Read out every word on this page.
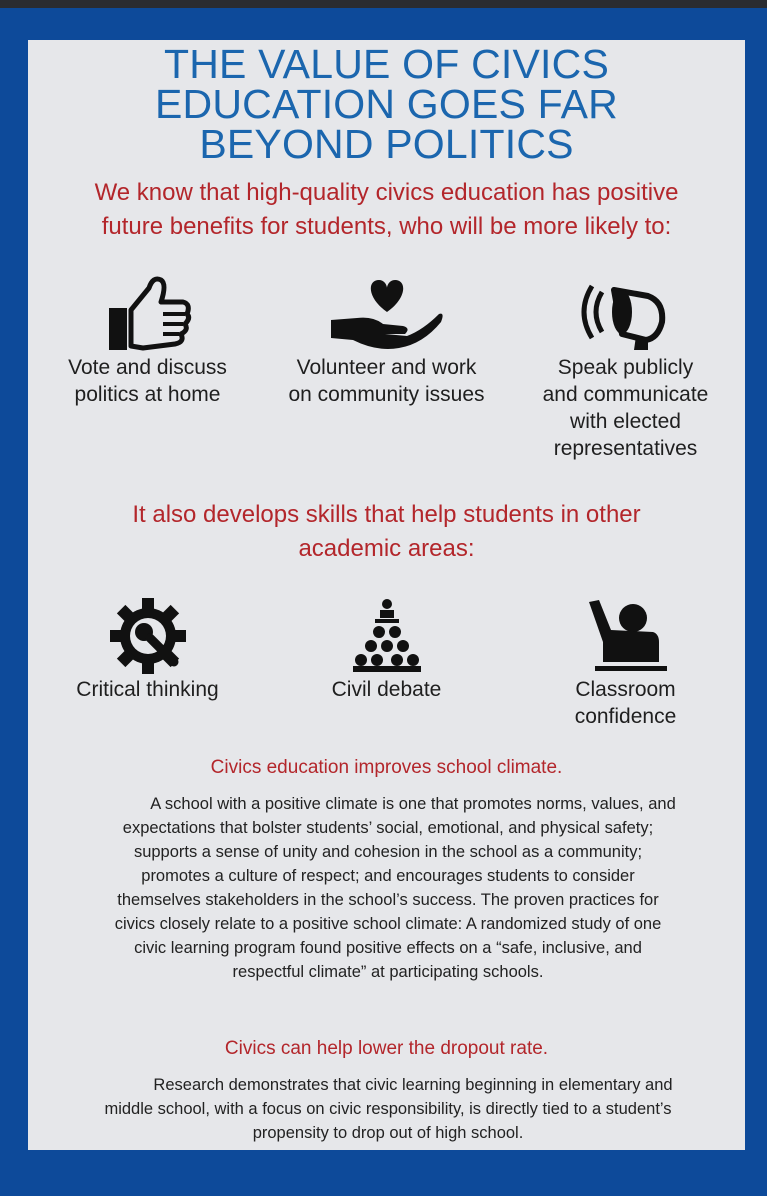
THE VALUE OF CIVICS
EDUCATION GOES FAR
BEYOND POLITICS

We know that high-quality civics education has positive
future benefits for students, who will be more likely to:

Vote and discuss
politics at home
Volunteer and work
on community issues
Speak publicly
and communicate
with elected
representatives
It also develops skills that help students in other
academic areas:
Critical thinking	Civil debate	Classroom
confidence
Civics education improves school climate.
A school with a positive climate is one that promotes norms, values, and expectations that bolster students’ social, emotional, and physical safety; supports a sense of unity and cohesion in the school as a community; promotes a culture of respect; and encourages students to consider themselves stakeholders in the school’s success. The proven practices for civics closely relate to a positive school climate: A randomized study of one civic learning program found positive effects on a “safe, inclusive, and respectful climate” at participating schools.
Civics can help lower the dropout rate.
Research demonstrates that civic learning beginning in elementary and middle school, with a focus on civic responsibility, is directly tied to a student’s propensity to drop out of high school.
